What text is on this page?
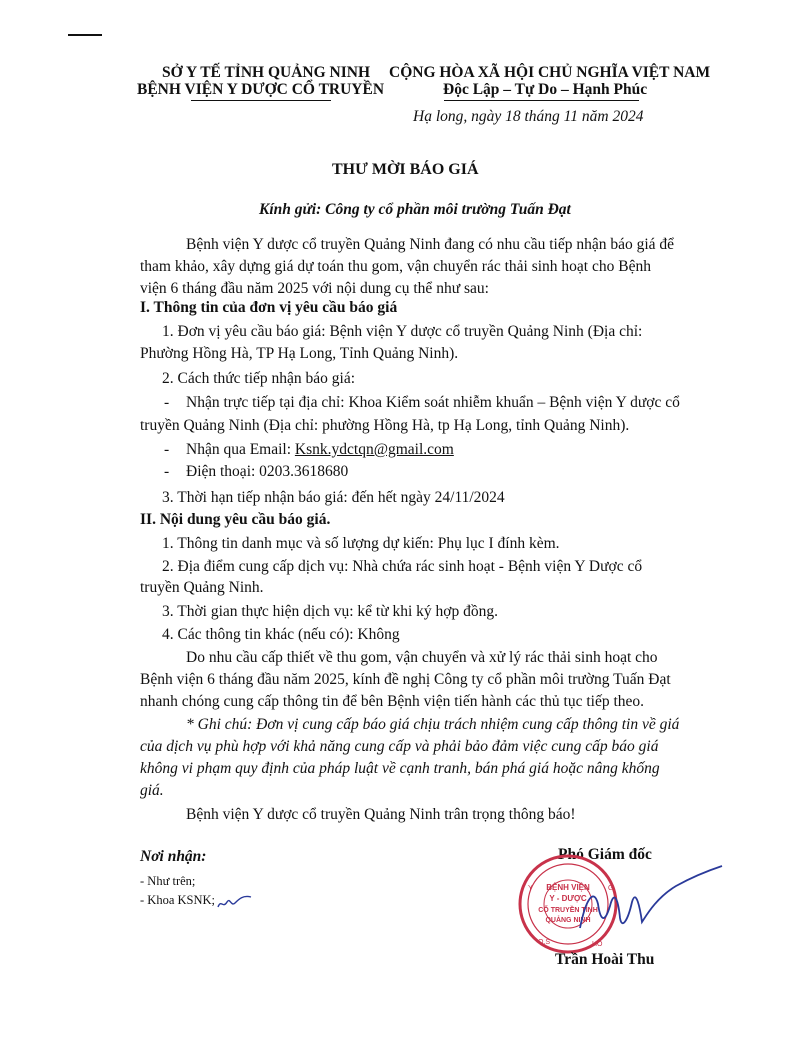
SỞ Y TẾ TỈNH QUẢNG NINH
BỆNH VIỆN Y DƯỢC CỔ TRUYỀN
CỘNG HÒA XÃ HỘI CHỦ NGHĨA VIỆT NAM
Độc Lập – Tự Do – Hạnh Phúc
Hạ long, ngày 18 tháng 11 năm 2024
THƯ MỜI BÁO GIÁ
Kính gửi: Công ty cổ phần môi trường Tuấn Đạt
Bệnh viện Y dược cổ truyền Quảng Ninh đang có nhu cầu tiếp nhận báo giá để
tham khảo, xây dựng giá dự toán thu gom, vận chuyển rác thải sinh hoạt cho Bệnh
viện 6 tháng đầu năm 2025 với nội dung cụ thể như sau:
I. Thông tin của đơn vị yêu cầu báo giá
1. Đơn vị yêu cầu báo giá: Bệnh viện Y dược cổ truyền Quảng Ninh (Địa chỉ:
Phường Hồng Hà, TP Hạ Long, Tỉnh Quảng Ninh).
2. Cách thức tiếp nhận báo giá:
- Nhận trực tiếp tại địa chỉ: Khoa Kiểm soát nhiễm khuẩn – Bệnh viện Y dược cổ
truyền Quảng Ninh (Địa chỉ: phường Hồng Hà, tp Hạ Long, tỉnh Quảng Ninh).
- Nhận qua Email: Ksnk.ydctqn@gmail.com
- Điện thoại: 0203.3618680
3. Thời hạn tiếp nhận báo giá: đến hết ngày 24/11/2024
II. Nội dung yêu cầu báo giá.
1. Thông tin danh mục và số lượng dự kiến: Phụ lục I đính kèm.
2. Địa điểm cung cấp dịch vụ: Nhà chứa rác sinh hoạt - Bệnh viện Y Dược cổ
truyền Quảng Ninh.
3. Thời gian thực hiện dịch vụ: kể từ khi ký hợp đồng.
4. Các thông tin khác (nếu có): Không
Do nhu cầu cấp thiết về thu gom, vận chuyển và xử lý rác thải sinh hoạt cho
Bệnh viện 6 tháng đầu năm 2025, kính đề nghị Công ty cổ phần môi trường Tuấn Đạt
nhanh chóng cung cấp thông tin để bên Bệnh viện tiến hành các thủ tục tiếp theo.
* Ghi chú: Đơn vị cung cấp báo giá chịu trách nhiệm cung cấp thông tin về giá
của dịch vụ phù hợp với khả năng cung cấp và phải bảo đảm việc cung cấp báo giá
không vi phạm quy định của pháp luật về cạnh tranh, bán phá giá hoặc nâng khống
giá.
Bệnh viện Y dược cổ truyền Quảng Ninh trân trọng thông báo!
Nơi nhận:
- Như trên;
- Khoa KSNK;
Phó Giám đốc
BỆNH VIỆN
Y - DƯỢC
CỔ TRUYỀN TỈNH
QUẢNG NINH
Y	G
Q.S	HỒ
Trần Hoài Thu
